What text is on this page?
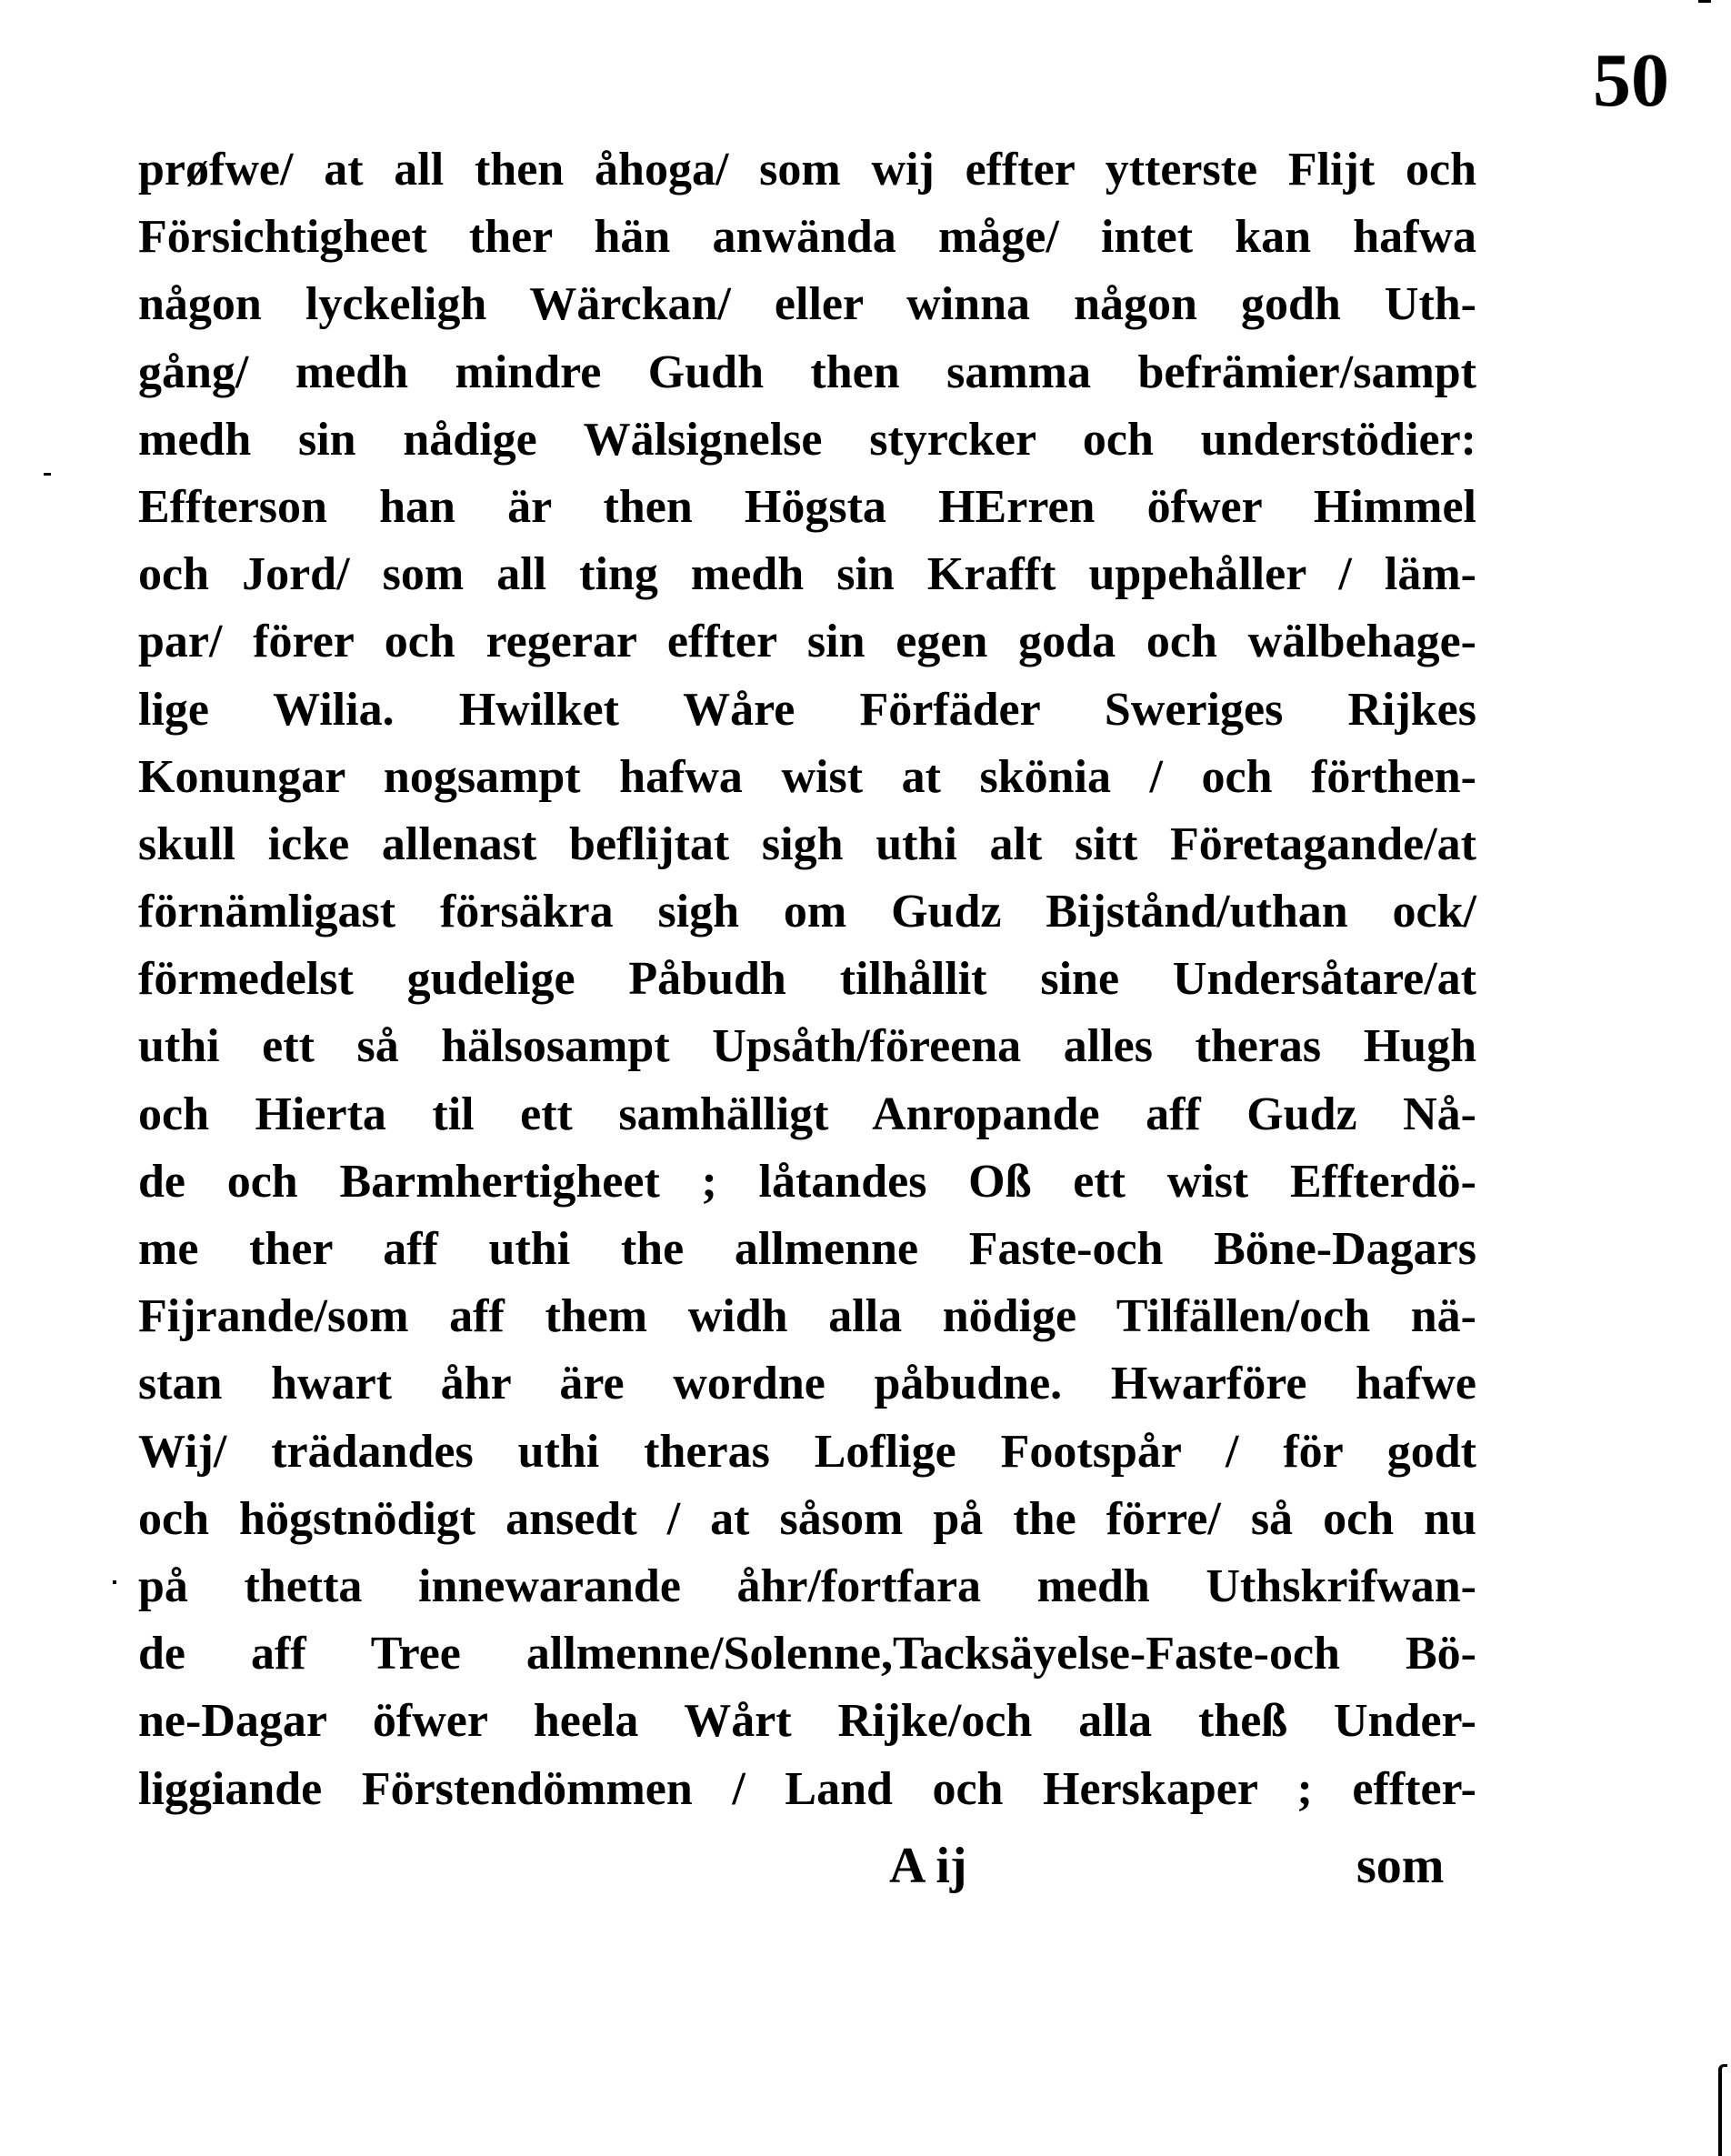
50
prøfwe/ at all then åhoga/ som wij effter ytterste Flijt och
Försichtigheet ther hän anwända måge/ intet kan hafwa
någon lyckeligh Wärckan/ eller winna någon godh Uth-
gång/ medh mindre Gudh then samma befrämier/sampt
medh sin nådige Wälsignelse styrcker och understödier:
Effterson han är then Högsta HErren öfwer Himmel
och Jord/ som all ting medh sin Krafft uppehåller / läm-
par/ förer och regerar effter sin egen goda och wälbehage-
lige Wilia. Hwilket Wåre Förfäder Sweriges Rijkes
Konungar nogsampt hafwa wist at skönia / och förthen-
skull icke allenast beflijtat sigh uthi alt sitt Företagande/at
förnämligast försäkra sigh om Gudz Bijstånd/uthan ock/
förmedelst gudelige Påbudh tilhållit sine Undersåtare/at
uthi ett så hälsosampt Upsåth/föreena alles theras Hugh
och Hierta til ett samhälligt Anropande aff Gudz Nå-
de och Barmhertigheet ; låtandes Oß ett wist Effterdö-
me ther aff uthi the allmenne Faste-och Böne-Dagars
Fijrande/som aff them widh alla nödige Tilfällen/och nä-
stan hwart åhr äre wordne påbudne. Hwarföre hafwe
Wij/ trädandes uthi theras Loflige Footspår / för godt
och högstnödigt ansedt / at såsom på the förre/ så och nu
på thetta innewarande åhr/fortfara medh Uthskrifwan-
de aff Tree allmenne/Solenne,Tacksäyelse-Faste-och Bö-
ne-Dagar öfwer heela Wårt Rijke/och alla theß Under-
liggiande Förstendömmen / Land och Herskaper ; effter-
A ij	som
